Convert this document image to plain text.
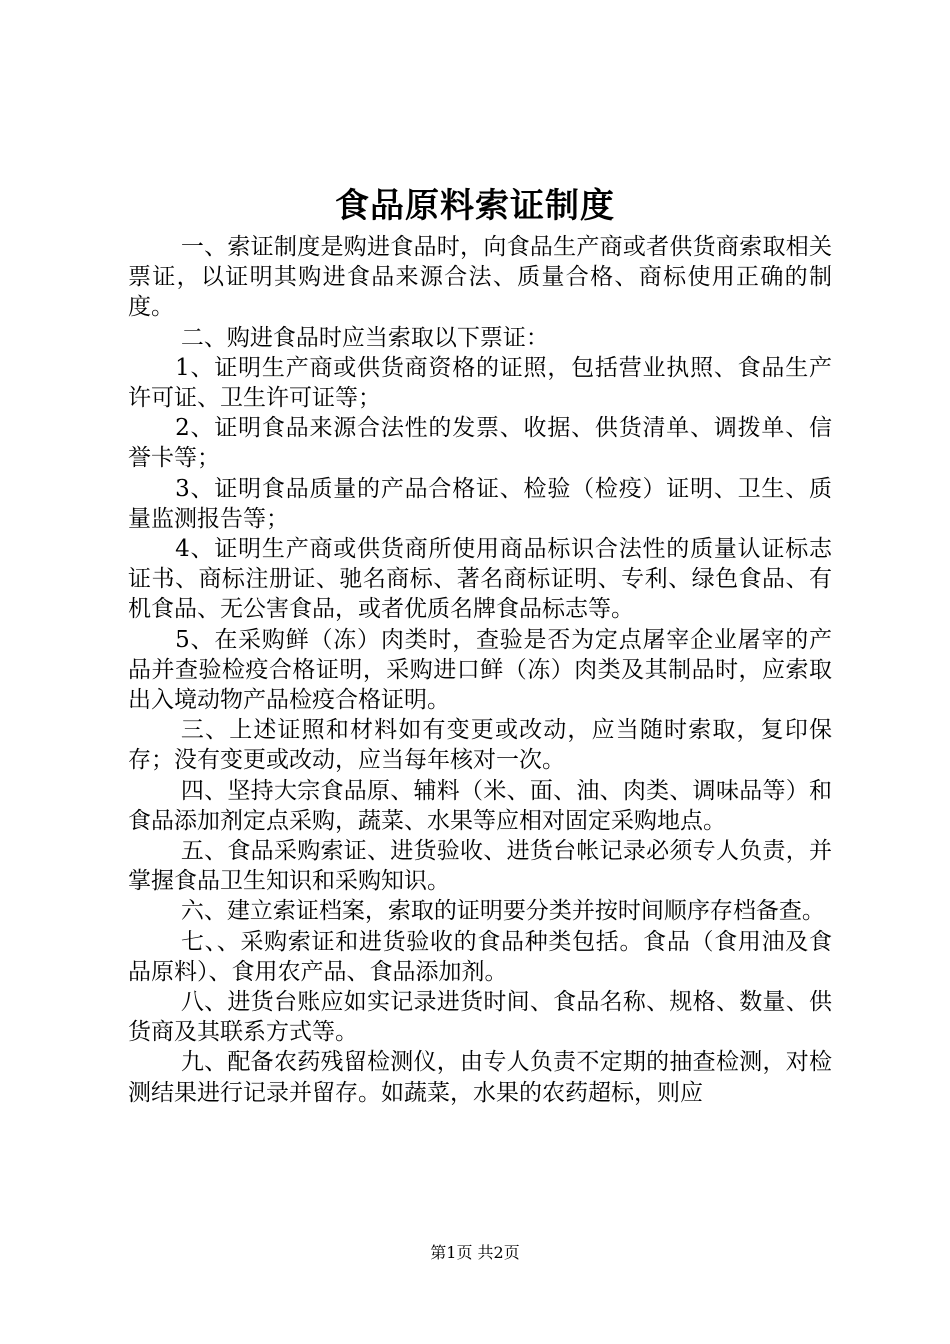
食品原料索证制度

一、索证制度是购进食品时，向食品生产商或者供货商索取相关票证，以证明其购进食品来源合法、质量合格、商标使用正确的制度。

二、购进食品时应当索取以下票证：

1、证明生产商或供货商资格的证照，包括营业执照、食品生产许可证、卫生许可证等；

2、证明食品来源合法性的发票、收据、供货清单、调拨单、信誉卡等；

3、证明食品质量的产品合格证、检验（检疫）证明、卫生、质量监测报告等；

4、证明生产商或供货商所使用商品标识合法性的质量认证标志证书、商标注册证、驰名商标、著名商标证明、专利、绿色食品、有机食品、无公害食品，或者优质名牌食品标志等。

5、在采购鲜（冻）肉类时，查验是否为定点屠宰企业屠宰的产品并查验检疫合格证明，采购进口鲜（冻）肉类及其制品时，应索取出入境动物产品检疫合格证明。

三、上述证照和材料如有变更或改动，应当随时索取，复印保存；没有变更或改动，应当每年核对一次。

四、坚持大宗食品原、辅料（米、面、油、肉类、调味品等）和食品添加剂定点采购，蔬菜、水果等应相对固定采购地点。

五、食品采购索证、进货验收、进货台帐记录必须专人负责，并掌握食品卫生知识和采购知识。

六、建立索证档案，索取的证明要分类并按时间顺序存档备查。

七、、采购索证和进货验收的食品种类包括。食品（食用油及食品原料）、食用农产品、食品添加剂。

八、进货台账应如实记录进货时间、食品名称、规格、数量、供货商及其联系方式等。

九、配备农药残留检测仪，由专人负责不定期的抽查检测，对检测结果进行记录并留存。如蔬菜，水果的农药超标，则应

第1页 共2页
